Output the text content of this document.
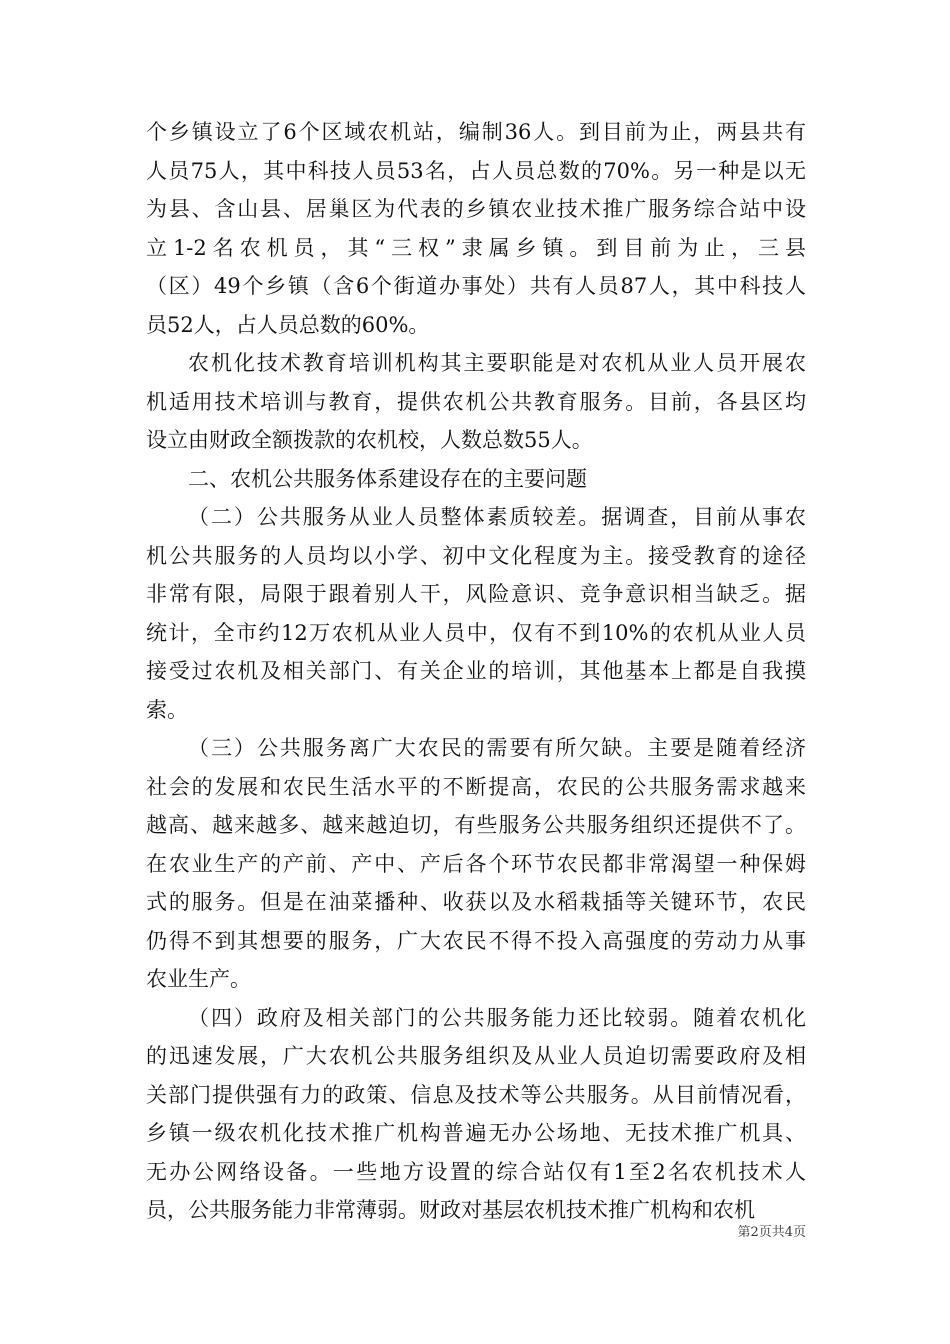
个乡镇设立了6个区域农机站，编制36人。到目前为止，两县共有
人员75人，其中科技人员53名，占人员总数的70%。另一种是以无
为县、含山县、居巢区为代表的乡镇农业技术推广服务综合站中设
立1-2名农机员，其“三权”隶属乡镇。到目前为止，三县
（区）49个乡镇（含6个街道办事处）共有人员87人，其中科技人
员52人，占人员总数的60%。
农机化技术教育培训机构其主要职能是对农机从业人员开展农
机适用技术培训与教育，提供农机公共教育服务。目前，各县区均
设立由财政全额拨款的农机校，人数总数55人。
二、农机公共服务体系建设存在的主要问题
（二）公共服务从业人员整体素质较差。据调查，目前从事农
机公共服务的人员均以小学、初中文化程度为主。接受教育的途径
非常有限，局限于跟着别人干，风险意识、竞争意识相当缺乏。据
统计，全市约12万农机从业人员中，仅有不到10%的农机从业人员
接受过农机及相关部门、有关企业的培训，其他基本上都是自我摸
索。
（三）公共服务离广大农民的需要有所欠缺。主要是随着经济
社会的发展和农民生活水平的不断提高，农民的公共服务需求越来
越高、越来越多、越来越迫切，有些服务公共服务组织还提供不了。
在农业生产的产前、产中、产后各个环节农民都非常渴望一种保姆
式的服务。但是在油菜播种、收获以及水稻栽插等关键环节，农民
仍得不到其想要的服务，广大农民不得不投入高强度的劳动力从事
农业生产。
（四）政府及相关部门的公共服务能力还比较弱。随着农机化
的迅速发展，广大农机公共服务组织及从业人员迫切需要政府及相
关部门提供强有力的政策、信息及技术等公共服务。从目前情况看，
乡镇一级农机化技术推广机构普遍无办公场地、无技术推广机具、
无办公网络设备。一些地方设置的综合站仅有1至2名农机技术人
员，公共服务能力非常薄弱。财政对基层农机技术推广机构和农机
第2页共4页
